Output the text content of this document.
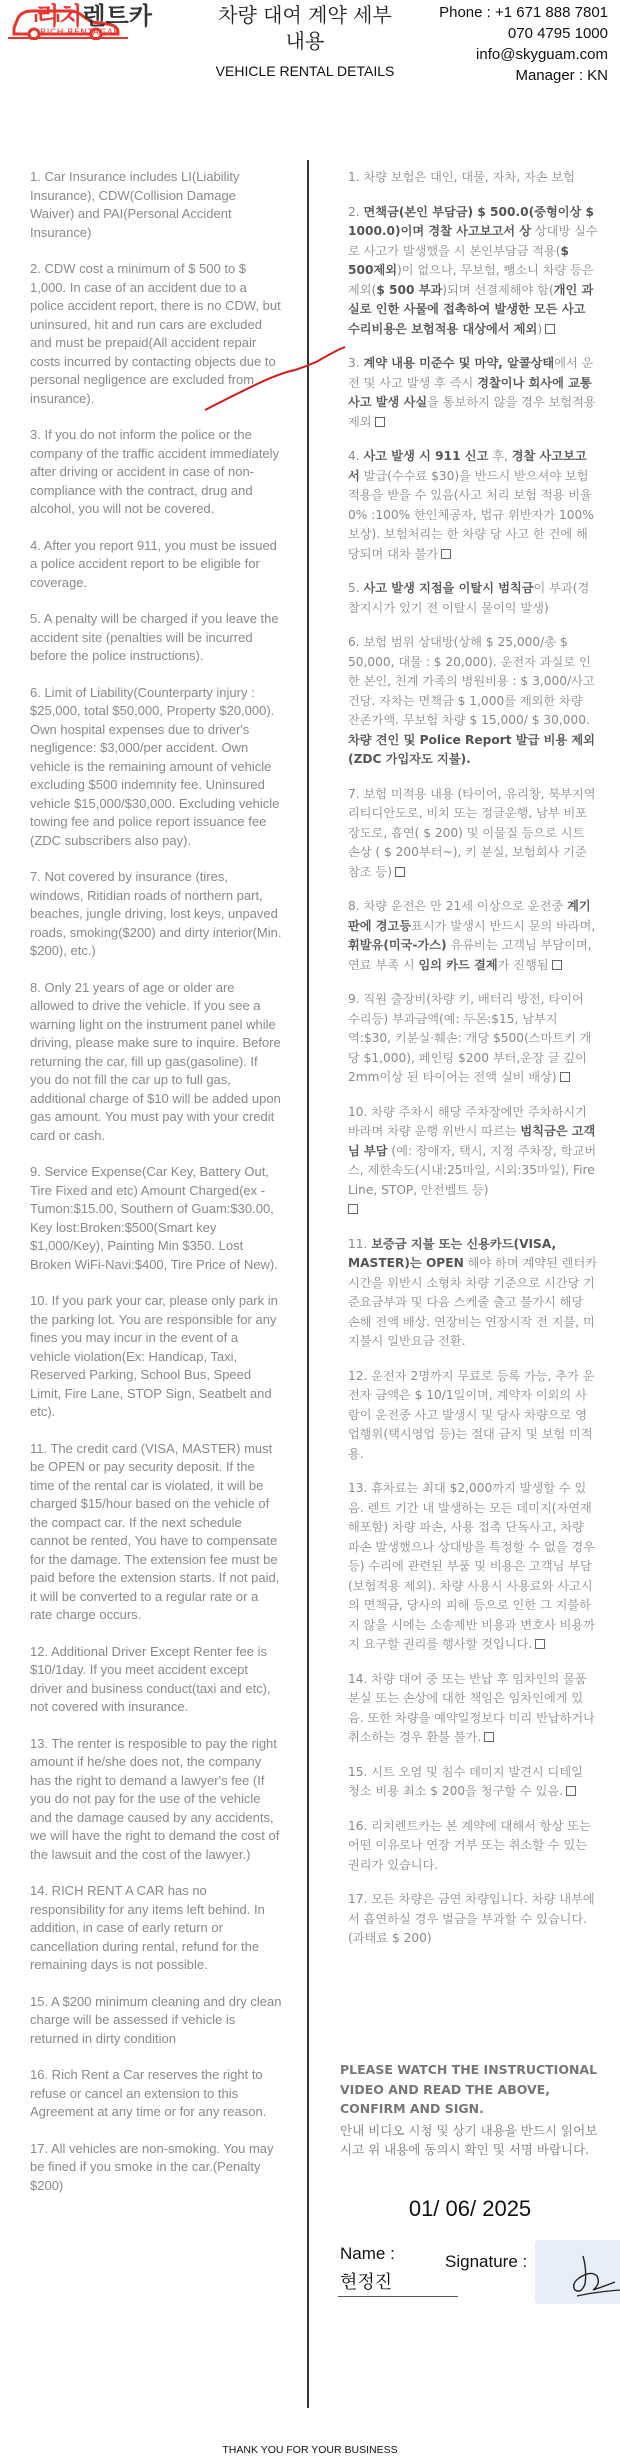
리치렌트카
RICH RENTAGAR
차량 대여 계약 세부내용
VEHICLE RENTAL DETAILS
Phone : +1 671 888 7801
070 4795 1000
info@skyguam.com
Manager : KN

1. Car Insurance includes LI(Liability Insurance), CDW(Collision Damage Waiver) and PAI(Personal Accident Insurance)

2. CDW cost a minimum of $ 500 to $ 1,000. In case of an accident due to a police accident report, there is no CDW, but uninsured, hit and run cars are excluded and must be prepaid(All accident repair costs incurred by contacting objects due to personal negligence are excluded from insurance).

3. If you do not inform the police or the company of the traffic accident immediately after driving or accident in case of non-compliance with the contract, drug and alcohol, you will not be covered.

4. After you report 911, you must be issued a police accident report to be eligible for coverage.

5. A penalty will be charged if you leave the accident site (penalties will be incurred before the police instructions).

6. Limit of Liability(Counterparty injury : $25,000, total $50,000, Property $20,000). Own hospital expenses due to driver's negligence: $3,000/per accident. Own vehicle is the remaining amount of vehicle excluding $500 indemnity fee. Uninsured vehicle $15,000/$30,000. Excluding vehicle towing fee and police report issuance fee (ZDC subscribers also pay).

7. Not covered by insurance (tires, windows, Ritidian roads of northern part, beaches, jungle driving, lost keys, unpaved roads, smoking($200) and dirty interior(Min. $200), etc.)

8. Only 21 years of age or older are allowed to drive the vehicle. If you see a warning light on the instrument panel while driving, please make sure to inquire. Before returning the car, fill up gas(gasoline). If you do not fill the car up to full gas, additional charge of $10 will be added upon gas amount. You must pay with your credit card or cash.

9. Service Expense(Car Key, Battery Out, Tire Fixed and etc) Amount Charged(ex - Tumon:$15.00, Southern of Guam:$30.00, Key lost:Broken:$500(Smart key $1,000/Key), Painting Min $350. Lost Broken WiFi-Navi:$400, Tire Price of New).

10. If you park your car, please only park in the parking lot. You are responsible for any fines you may incur in the event of a vehicle violation(Ex: Handicap, Taxi, Reserved Parking, School Bus, Speed Limit, Fire Lane, STOP Sign, Seatbelt and etc).

11. The credit card (VISA, MASTER) must be OPEN or pay security deposit. If the time of the rental car is violated, it will be charged $15/hour based on the vehicle of the compact car. If the next schedule cannot be rented, You have to compensate for the damage. The extension fee must be paid before the extension starts. If not paid, it will be converted to a regular rate or a rate charge occurs.

12. Additional Driver Except Renter fee is $10/1day. If you meet accident except driver and business conduct(taxi and etc), not covered with insurance.

13. The renter is resposible to pay the right amount if he/she does not, the company has the right to demand a lawyer's fee (If you do not pay for the use of the vehicle and the damage caused by any accidents, we will have the right to demand the cost of the lawsuit and the cost of the lawyer.)

14. RICH RENT A CAR has no responsibility for any items left behind. In addition, in case of early return or cancellation during rental, refund for the remaining days is not possible.

15. A $200 minimum cleaning and dry clean charge will be assessed if vehicle is returned in dirty condition

16. Rich Rent a Car reserves the right to refuse or cancel an extension to this Agreement at any time or for any reason.

17. All vehicles are non-smoking. You may be fined if you smoke in the car.(Penalty $200)

1. 차량 보험은 대인, 대물, 자차, 자손 보험

2. 면책금(본인 부담금) $ 500.0(중형이상 $ 1000.0)이며 경찰 사고보고서 상 상대방 실수로 사고가 발생했을 시 본인부담금 적용($ 500제외)이 없으나, 무보험, 뺑소니 차량 등은 제외($ 500 부과)되며 선결제해야 함(개인 과실로 인한 사물에 접촉하여 발생한 모든 사고 수리비용은 보험적용 대상에서 제외)

3. 계약 내용 미준수 및 마약, 알콜상태에서 운전 및 사고 발생 후 즉시 경찰이나 회사에 교통 사고 발생 사실을 통보하지 않을 경우 보험적용 제외

4. 사고 발생 시 911 신고 후, 경찰 사고보고서 발급(수수료 $30)을 반드시 받으셔야 보험 적용을 받을 수 있음(사고 처리 보험 적용 비율 0% :100% 한인체공자, 법규 위반자가 100% 보상). 보험처리는 한 차량 당 사고 한 건에 해당되며 대차 불가

5. 사고 발생 지점을 이탈시 범칙금이 부과(경찰지시가 있기 전 이탈시 물이익 발생)

6. 보험 범위 상대방(상해 $ 25,000/총 $ 50,000, 대물 : $ 20,000). 운전자 과실로 인한 본인, 친계 가족의 병원비용 : $ 3,000/사고건당. 자차는 면책금 $ 1,000를 제외한 차량 잔존가액. 무보험 차량 $ 15,000/ $ 30,000. 차량 견인 및 Police Report 발급 비용 제외 (ZDC 가입자도 지불).

7. 보험 미적용 내용 (타이어, 유리창, 북부지역 리티디안도로, 비치 또는 정글운행, 남부 비포장도로, 흡연( $ 200) 및 이물질 등으로 시트 손상 ( $ 200부터~), 키 분실, 보험회사 기준 참조 등)

8. 차량 운전은 만 21세 이상으로 운전중 계기판에 경고등표시가 발생시 반드시 문의 바라며, 휘발유(미국-가스) 유류비는 고객님 부담이며, 연료 부족 시 임의 카드 결제가 진행됨

9. 직원 출장비(차량 키, 배터리 방전, 타이어 수리등) 부과금액(예: 두몬:$15, 남부지역:$30, 키분실·훼손: 개당 $500(스마트키 개당 $1,000), 페인팅 $200 부터,운장 글 깊이 2mm이상 된 타이어는 전액 실비 배상)

10. 차량 주차시 해당 주차장에만 주차하시기 바라며 차량 운행 위반시 따르는 범칙금은 고객님 부담 (예: 장애자, 택시, 지정 주차장, 학교버스, 제한속도(시내:25마일, 시외:35마일), Fire Line, STOP, 안전벨트 등)

11. 보증금 지불 또는 신용카드(VISA, MASTER)는 OPEN 해야 하며 계약된 렌터카 시간을 위반시 소형차 차량 기준으로 시간당 기준요금부과 및 다음 스케줄 출고 불가시 해당 손해 전액 배상. 연장비는 연장시작 전 지불, 미지불시 일반요금 전환.

12. 운전자 2명까지 무료로 등록 가능, 추가 운전자 금액은 $ 10/1일이며, 계약자 이외의 사람이 운전중 사고 발생시 및 당사 차량으로 영업행위(택시영업 등)는 절대 금지 및 보험 미적용.

13. 휴차료는 최대 $2,000까지 발생할 수 있음. 렌트 기간 내 발생하는 모든 데미지(자연재해포함) 차량 파손, 사용 접촉 단독사고, 차량 파손 발생했으나 상대방을 특정할 수 없을 경우 등) 수리에 관련된 부품 및 비용은 고객님 부담(보험적용 제외). 차량 사용시 사용료와 사고시의 면책금, 당사의 피해 등으로 인한 그 지불하지 않을 시에는 소송제반 비용과 변호사 비용까지 요구할 권리를 행사할 것입니다.

14. 차량 대여 중 또는 반납 후 임차인의 물품 분실 또는 손상에 대한 책임은 임차인에게 있음. 또한 차량을 예약일정보다 미리 반납하거나 취소하는 경우 환불 불가.

15. 시트 오염 및 침수 데미지 발견시 디테일 청소 비용 최소 $ 200을 청구할 수 있음.

16. 리치렌트카는 본 계약에 대해서 항상 또는 어떤 이유로나 연장 거부 또는 취소할 수 있는 권리가 있습니다.

17. 모든 차량은 금연 차량입니다. 차량 내부에서 흡연하실 경우 벌금을 부과할 수 있습니다. (과태료 $ 200)

PLEASE WATCH THE INSTRUCTIONAL VIDEO AND READ THE ABOVE, CONFIRM AND SIGN.
안내 비디오 시청 및 상기 내용을 반드시 읽어보시고 위 내용에 동의시 확인 및 서명 바랍니다.
01/ 06/ 2025
Name :
현정진
Signature :
THANK YOU FOR YOUR BUSINESS
